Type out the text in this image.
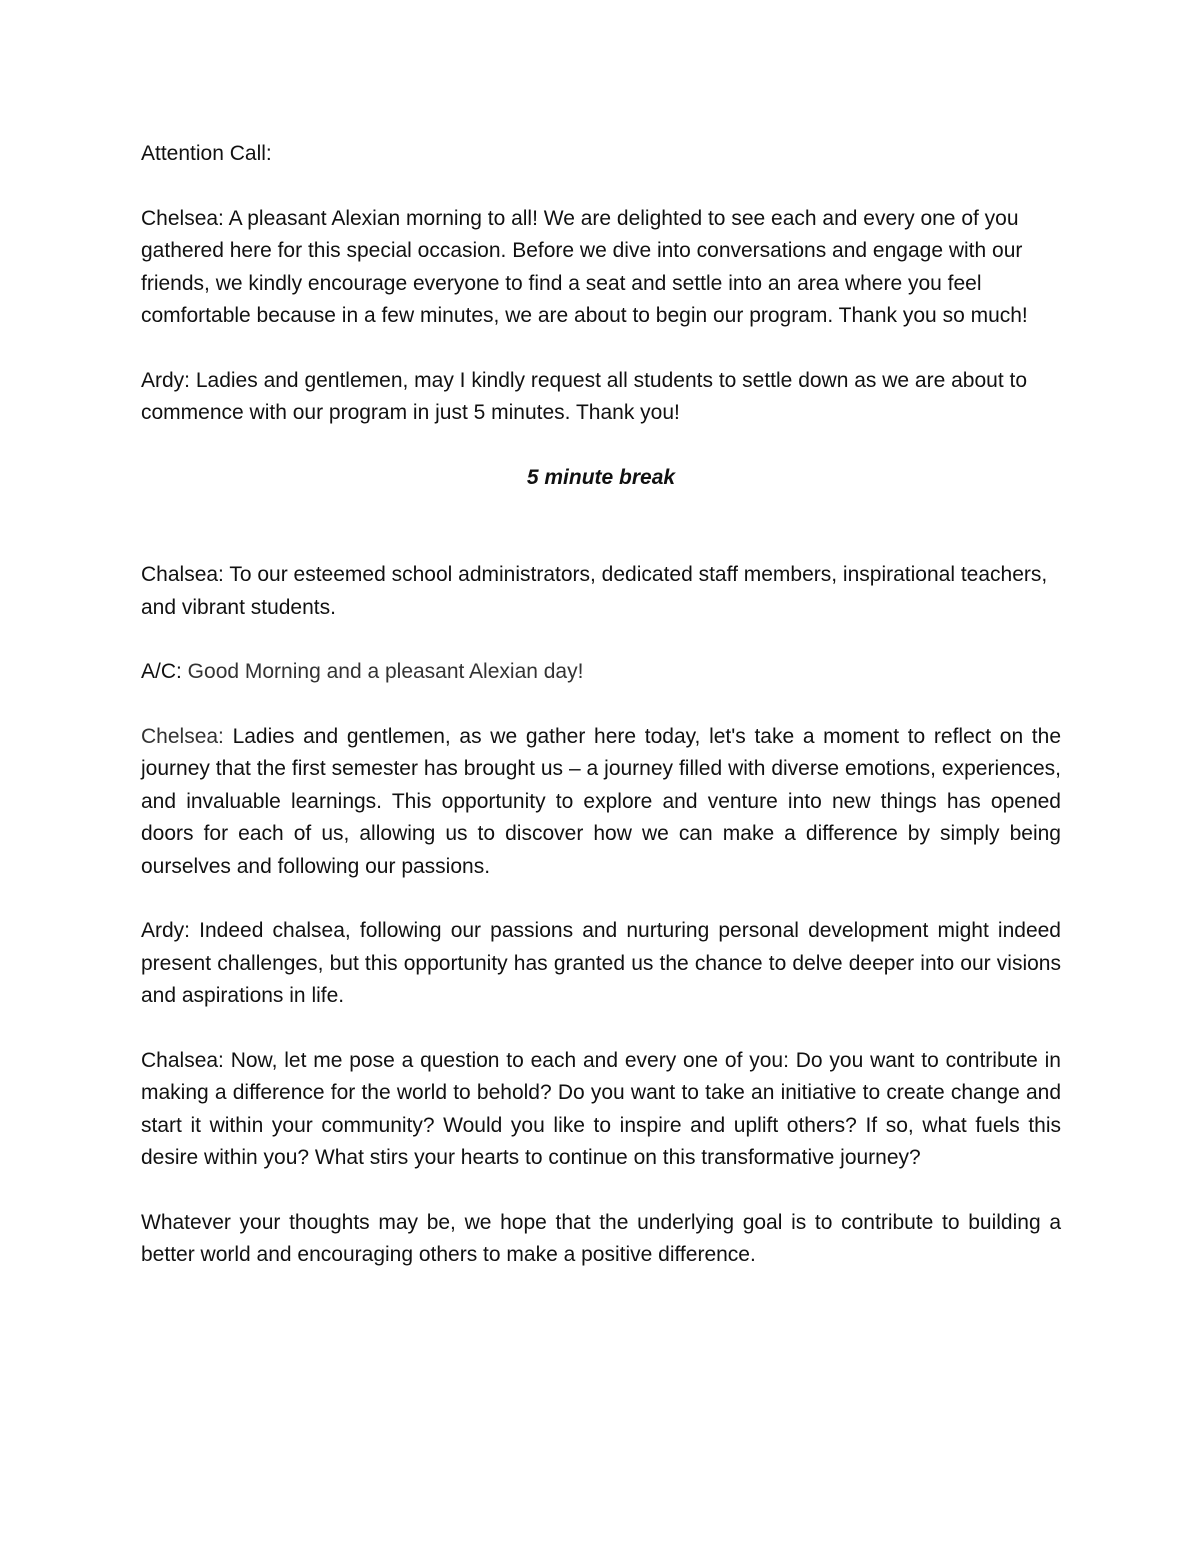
Attention Call:

Chelsea: A pleasant Alexian morning to all! We are delighted to see each and every one of you gathered here for this special occasion. Before we dive into conversations and engage with our friends, we kindly encourage everyone to find a seat and settle into an area where you feel comfortable because in a few minutes, we are about to begin our program. Thank you so much!

Ardy: Ladies and gentlemen, may I kindly request all students to settle down as we are about to commence with our program in just 5 minutes. Thank you!

5 minute break

Chalsea: To our esteemed school administrators, dedicated staff members, inspirational teachers, and vibrant students.

A/C: Good Morning and a pleasant Alexian day!

Chelsea: Ladies and gentlemen, as we gather here today, let's take a moment to reflect on the journey that the first semester has brought us – a journey filled with diverse emotions, experiences, and invaluable learnings. This opportunity to explore and venture into new things has opened doors for each of us, allowing us to discover how we can make a difference by simply being ourselves and following our passions.

Ardy: Indeed chalsea, following our passions and nurturing personal development might indeed present challenges, but this opportunity has granted us the chance to delve deeper into our visions and aspirations in life.

Chalsea: Now, let me pose a question to each and every one of you: Do you want to contribute in making a difference for the world to behold? Do you want to take an initiative to create change and start it within your community? Would you like to inspire and uplift others? If so, what fuels this desire within you? What stirs your hearts to continue on this transformative journey?

Whatever your thoughts may be, we hope that the underlying goal is to contribute to building a better world and encouraging others to make a positive difference.
